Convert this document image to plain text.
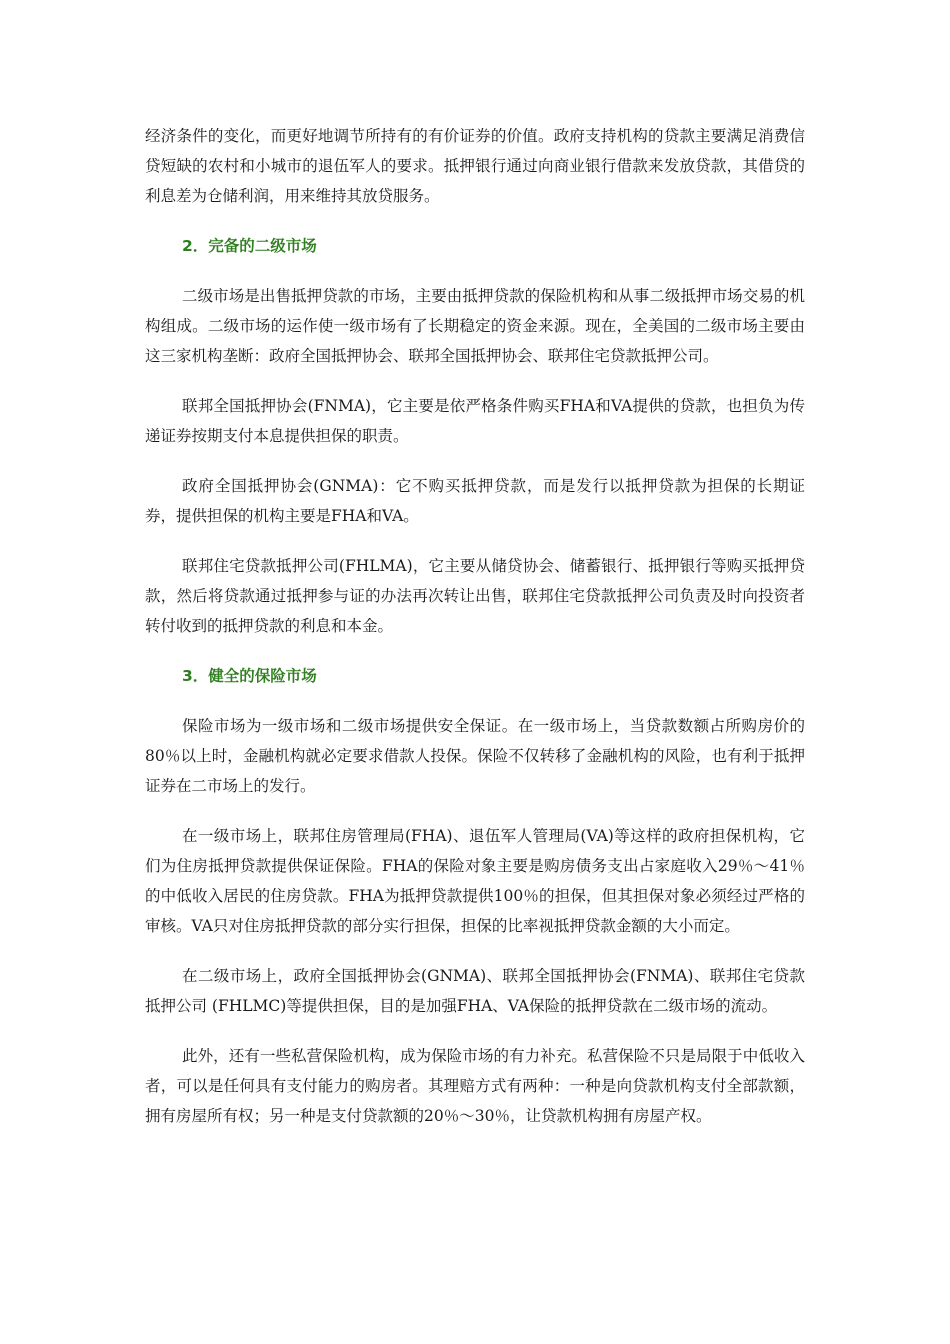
经济条件的变化，而更好地调节所持有的有价证券的价值。政府支持机构的贷款主要满足消费信贷短缺的农村和小城市的退伍军人的要求。抵押银行通过向商业银行借款来发放贷款，其借贷的利息差为仓储利润，用来维持其放贷服务。

2．完备的二级市场

二级市场是出售抵押贷款的市场，主要由抵押贷款的保险机构和从事二级抵押市场交易的机构组成。二级市场的运作使一级市场有了长期稳定的资金来源。现在，全美国的二级市场主要由这三家机构垄断：政府全国抵押协会、联邦全国抵押协会、联邦住宅贷款抵押公司。

联邦全国抵押协会(FNMA)，它主要是依严格条件购买FHA和VA提供的贷款，也担负为传递证券按期支付本息提供担保的职责。

政府全国抵押协会(GNMA)：它不购买抵押贷款，而是发行以抵押贷款为担保的长期证券，提供担保的机构主要是FHA和VA。

联邦住宅贷款抵押公司(FHLMA)，它主要从储贷协会、储蓄银行、抵押银行等购买抵押贷款，然后将贷款通过抵押参与证的办法再次转让出售，联邦住宅贷款抵押公司负责及时向投资者转付收到的抵押贷款的利息和本金。

3．健全的保险市场

保险市场为一级市场和二级市场提供安全保证。在一级市场上，当贷款数额占所购房价的80％以上时，金融机构就必定要求借款人投保。保险不仅转移了金融机构的风险，也有利于抵押证券在二市场上的发行。

在一级市场上，联邦住房管理局(FHA)、退伍军人管理局(VA)等这样的政府担保机构，它们为住房抵押贷款提供保证保险。FHA的保险对象主要是购房债务支出占家庭收入29％～41％的中低收入居民的住房贷款。FHA为抵押贷款提供100％的担保，但其担保对象必须经过严格的审核。VA只对住房抵押贷款的部分实行担保，担保的比率视抵押贷款金额的大小而定。

在二级市场上，政府全国抵押协会(GNMA)、联邦全国抵押协会(FNMA)、联邦住宅贷款抵押公司 (FHLMC)等提供担保，目的是加强FHA、VA保险的抵押贷款在二级市场的流动。

此外，还有一些私营保险机构，成为保险市场的有力补充。私营保险不只是局限于中低收入者，可以是任何具有支付能力的购房者。其理赔方式有两种：一种是向贷款机构支付全部款额，拥有房屋所有权；另一种是支付贷款额的20％～30％，让贷款机构拥有房屋产权。
